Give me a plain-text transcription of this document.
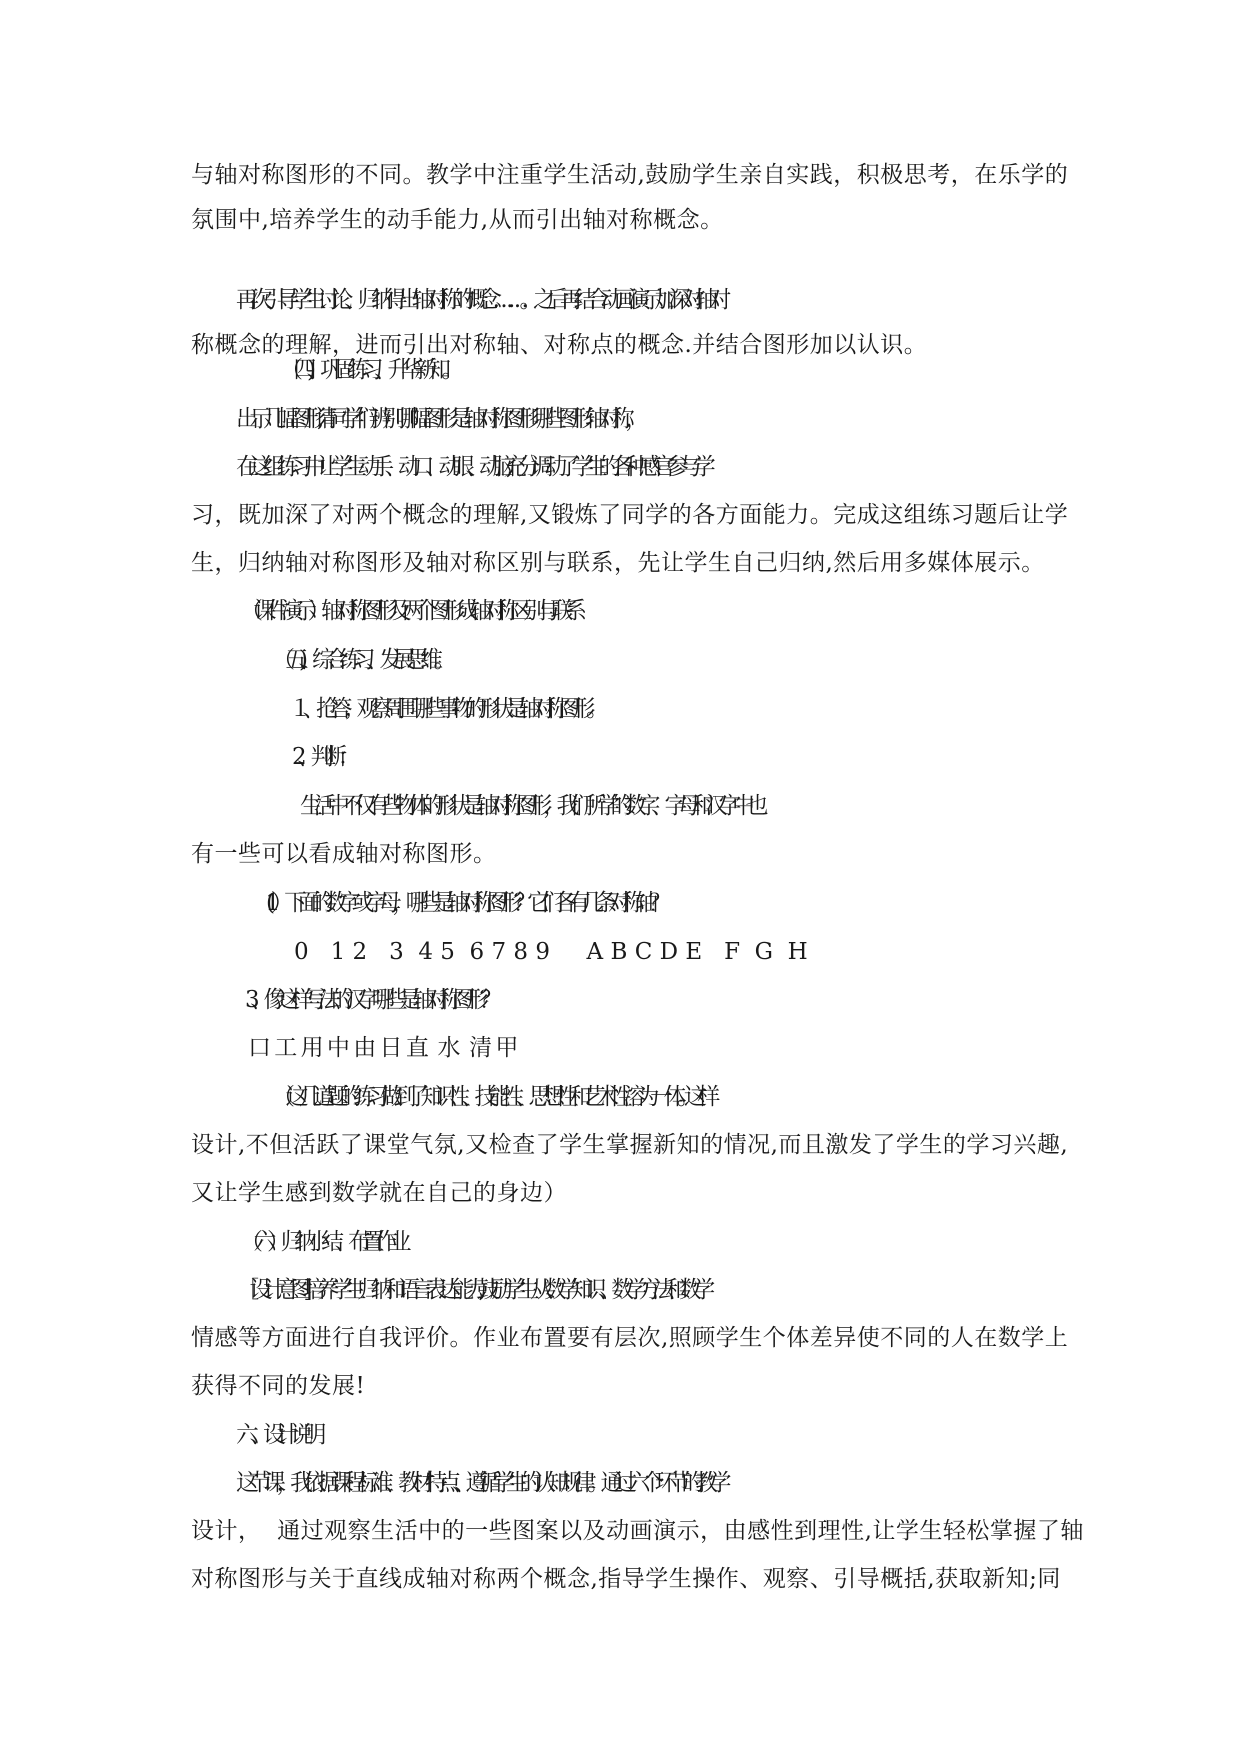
与轴对称图形的不同。教学中注重学生活动,鼓励学生亲自实践，积极思考，在乐学的
氛围中,培养学生的动手能力,从而引出轴对称概念。
再次引导学生讨论、归纳得出轴对称的概念……。之后再结合动画演示加深对轴对
称概念的理解，进而引出对称轴、对称点的概念.并结合图形加以认识。
（四)、巩固练习、升华新知。
出示几幅图形,请同学们辨别哪幅图形是轴对称图形哪些图形轴对称，
在这组练习中让学生动手、动口、动眼、动脑,充分调动了学生的各种感官参与学
习，既加深了对两个概念的理解,又锻炼了同学的各方面能力。完成这组练习题后让学
生，归纳轴对称图形及轴对称区别与联系，先让学生自己归纳,然后用多媒体展示。
（课件演示）轴对称图形及两个图形成轴对称区别与联系
（五)、综合练习、发展思维。
１、抢答；观察周围哪些事物的形状是轴对称图形。
2、判断：
生活中不仅有些物体的形状是轴对称图形，我们所学的数字、字母和汉字中也
有一些可以看成轴对称图形。
(1）下面的数字或字母，哪些是轴对称图形？它们各有几条对称轴？
0   1 2   3  4 5  6 7 8 9     A B C D E   F  G  H
3、像这样写法的汉字哪些是轴对称图形？
口 工 用 中 由 日 直  水  清 甲
（这几道题的练习做到了知识性、技能性、思想性和艺术性溶为一体。   这样
设计,不但活跃了课堂气氛,又检查了学生掌握新知的情况,而且激发了学生的学习兴趣,
又让学生感到数学就在自己的身边）
（六）归纳小结、布置作业
［设计意图]培养学生归纳和语言表达能力,鼓励学生从数学知识、数学方法和数学
情感等方面进行自我评价。作业布置要有层次,照顾学生个体差异使不同的人在数学上
获得不同的发展!
六、设计说明
这节课，我依据课程标准、教材特点、遵循学生的认知规律。通过六个环节的教学
设计，  通过观察生活中的一些图案以及动画演示，由感性到理性,让学生轻松掌握了轴
对称图形与关于直线成轴对称两个概念,指导学生操作、观察、引导概括,获取新知;同
